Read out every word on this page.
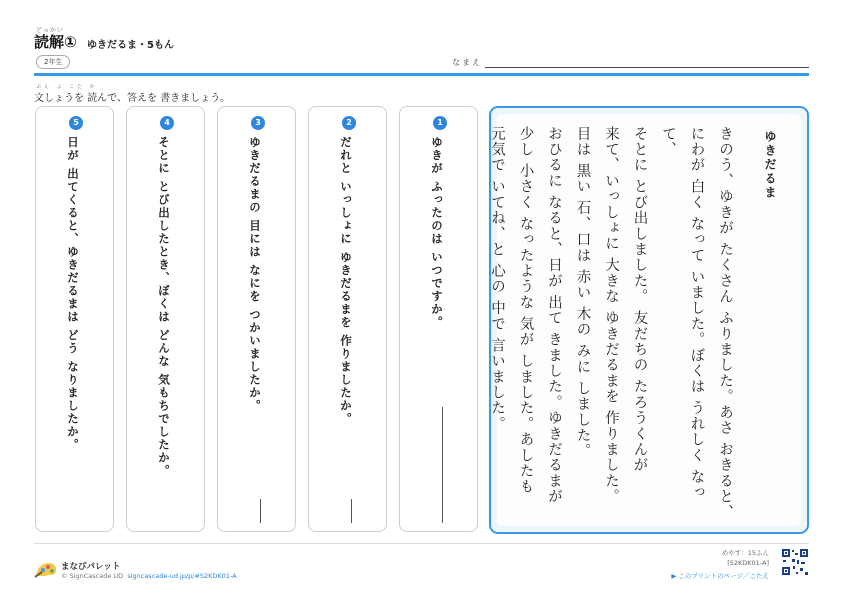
どっかい
読解① ゆきだるま・5もん
2年生	なまえ
ぶん よ こた か
文しょうを 読んで、答えを 書きましょう。
1
ゆきが ふったのは いつですか。
2
だれと いっしょに ゆきだるまを 作りましたか。
3
ゆきだるまの 目には なにを つかいましたか。
4
そとに とび出したとき、ぼくは どんな 気もちでしたか。
5
日が 出てくると、ゆきだるまは どう なりましたか。	ゆきだるま

きのう、ゆきが たくさん ふりました。あさ おきると、

にわが 白く なって いました。ぼくは うれしく なって、

そとに とび出しました。 友だちの たろうくんが

来て、いっしょに 大きな ゆきだるまを 作りました。

目は 黒い 石、口は 赤い 木の みに しました。

おひるに なると、日が 出て きました。ゆきだるまが

少し 小さく なったような 気が しました。あしたも

元気で いてね、と 心の 中で 言いました。

まなびパレット
© SignCascade UD signcascade-ud.jp/p/#S2KDK01-A
めやす：15ふん
[S2KDK01-A]
▶ このプリントのページ／こたえ
